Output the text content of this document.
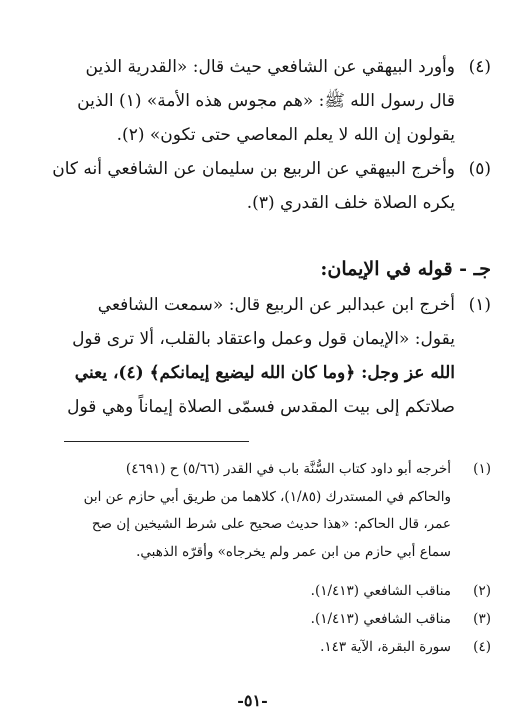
(٤)وأورد البيهقي عن الشافعي حيث قال: «القدرية الذين
قال رسول الله ﷺ: «هم مجوس هذه الأمة» (١) الذين
يقولون إن الله لا يعلم المعاصي حتى تكون» (٢).
(٥)وأخرج البيهقي عن الربيع بن سليمان عن الشافعي أنه كان
يكره الصلاة خلف القدري (٣).
جـ - قوله في الإيمان:
(١)أخرج ابن عبدالبر عن الربيع قال: «سمعت الشافعي
يقول: «الإيمان قول وعمل واعتقاد بالقلب، ألا ترى قول
الله عز وجل: ﴿وما كان الله ليضيع إيمانكم﴾ (٤)، يعني
صلاتكم إلى بيت المقدس فسمّى الصلاة إيماناً وهي قول
(١)أخرجه أبو داود كتاب السُّنَّة باب في القدر (٥/٦٦) ح (٤٦٩١)
والحاكم في المستدرك (١/٨٥)، كلاهما من طريق أبي حازم عن ابن
عمر، قال الحاكم: «هذا حديث صحيح على شرط الشيخين إن صح
سماع أبي حازم من ابن عمر ولم يخرجاه» وأقرّه الذهبي.
(٢)مناقب الشافعي (١/٤١٣).
(٣)مناقب الشافعي (١/٤١٣).
(٤)سورة البقرة، الآية ١٤٣.
-٥١-
